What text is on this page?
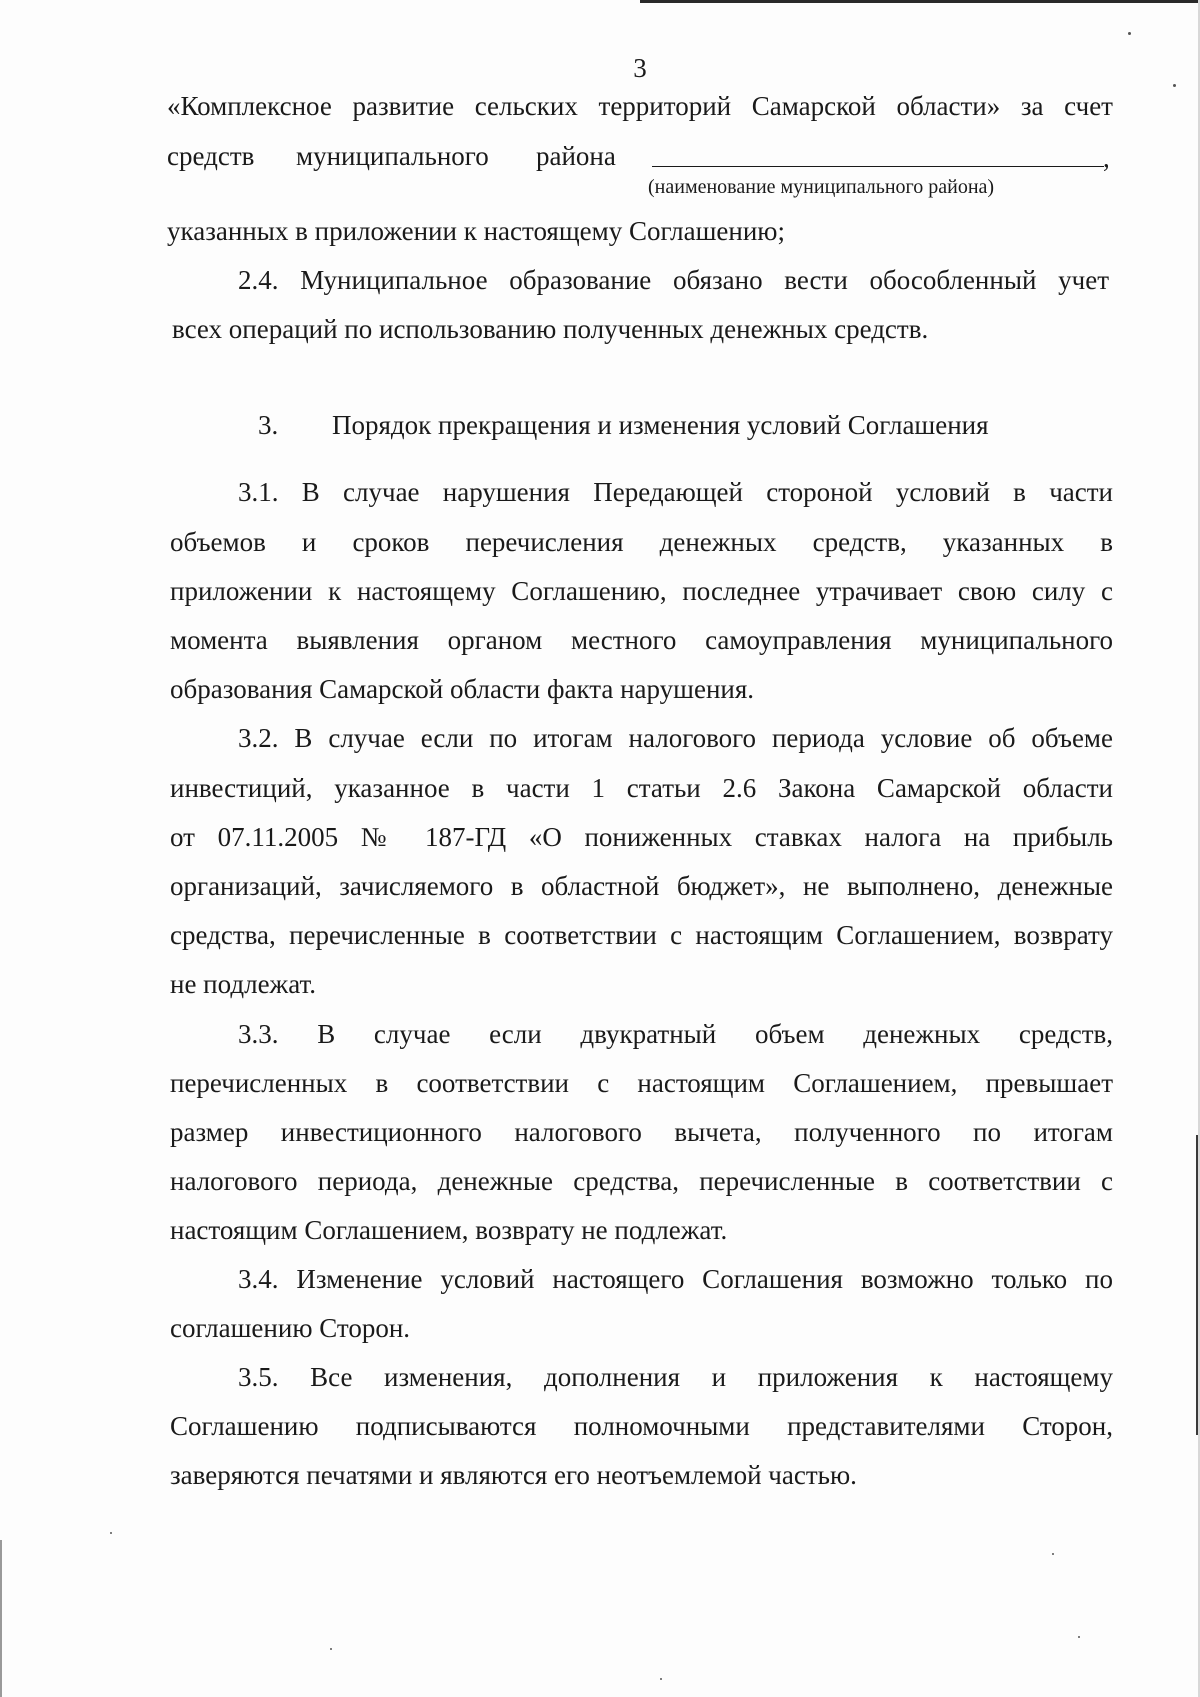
3
«Комплексное развитие сельских территорий Самарской области» за счет
средств муниципального района	,
(наименование муниципального района)
указанных в приложении к настоящему Соглашению;
2.4. Муниципальное образование обязано вести обособленный учет
всех операций по использованию полученных денежных средств.
3. Порядок прекращения и изменения условий Соглашения
3.1. В случае нарушения Передающей стороной условий в части
объемов и сроков перечисления денежных средств, указанных в
приложении к настоящему Соглашению, последнее утрачивает свою силу с
момента выявления органом местного самоуправления муниципального
образования Самарской области факта нарушения.
3.2. В случае если по итогам налогового периода условие об объеме
инвестиций, указанное в части 1 статьи 2.6 Закона Самарской области
от 07.11.2005 № 187-ГД «О пониженных ставках налога на прибыль
организаций, зачисляемого в областной бюджет», не выполнено, денежные
средства, перечисленные в соответствии с настоящим Соглашением, возврату
не подлежат.
3.3. В случае если двукратный объем денежных средств,
перечисленных в соответствии с настоящим Соглашением, превышает
размер инвестиционного налогового вычета, полученного по итогам
налогового периода, денежные средства, перечисленные в соответствии с
настоящим Соглашением, возврату не подлежат.
3.4. Изменение условий настоящего Соглашения возможно только по
соглашению Сторон.
3.5. Все изменения, дополнения и приложения к настоящему
Соглашению подписываются полномочными представителями Сторон,
заверяются печатями и являются его неотъемлемой частью.
